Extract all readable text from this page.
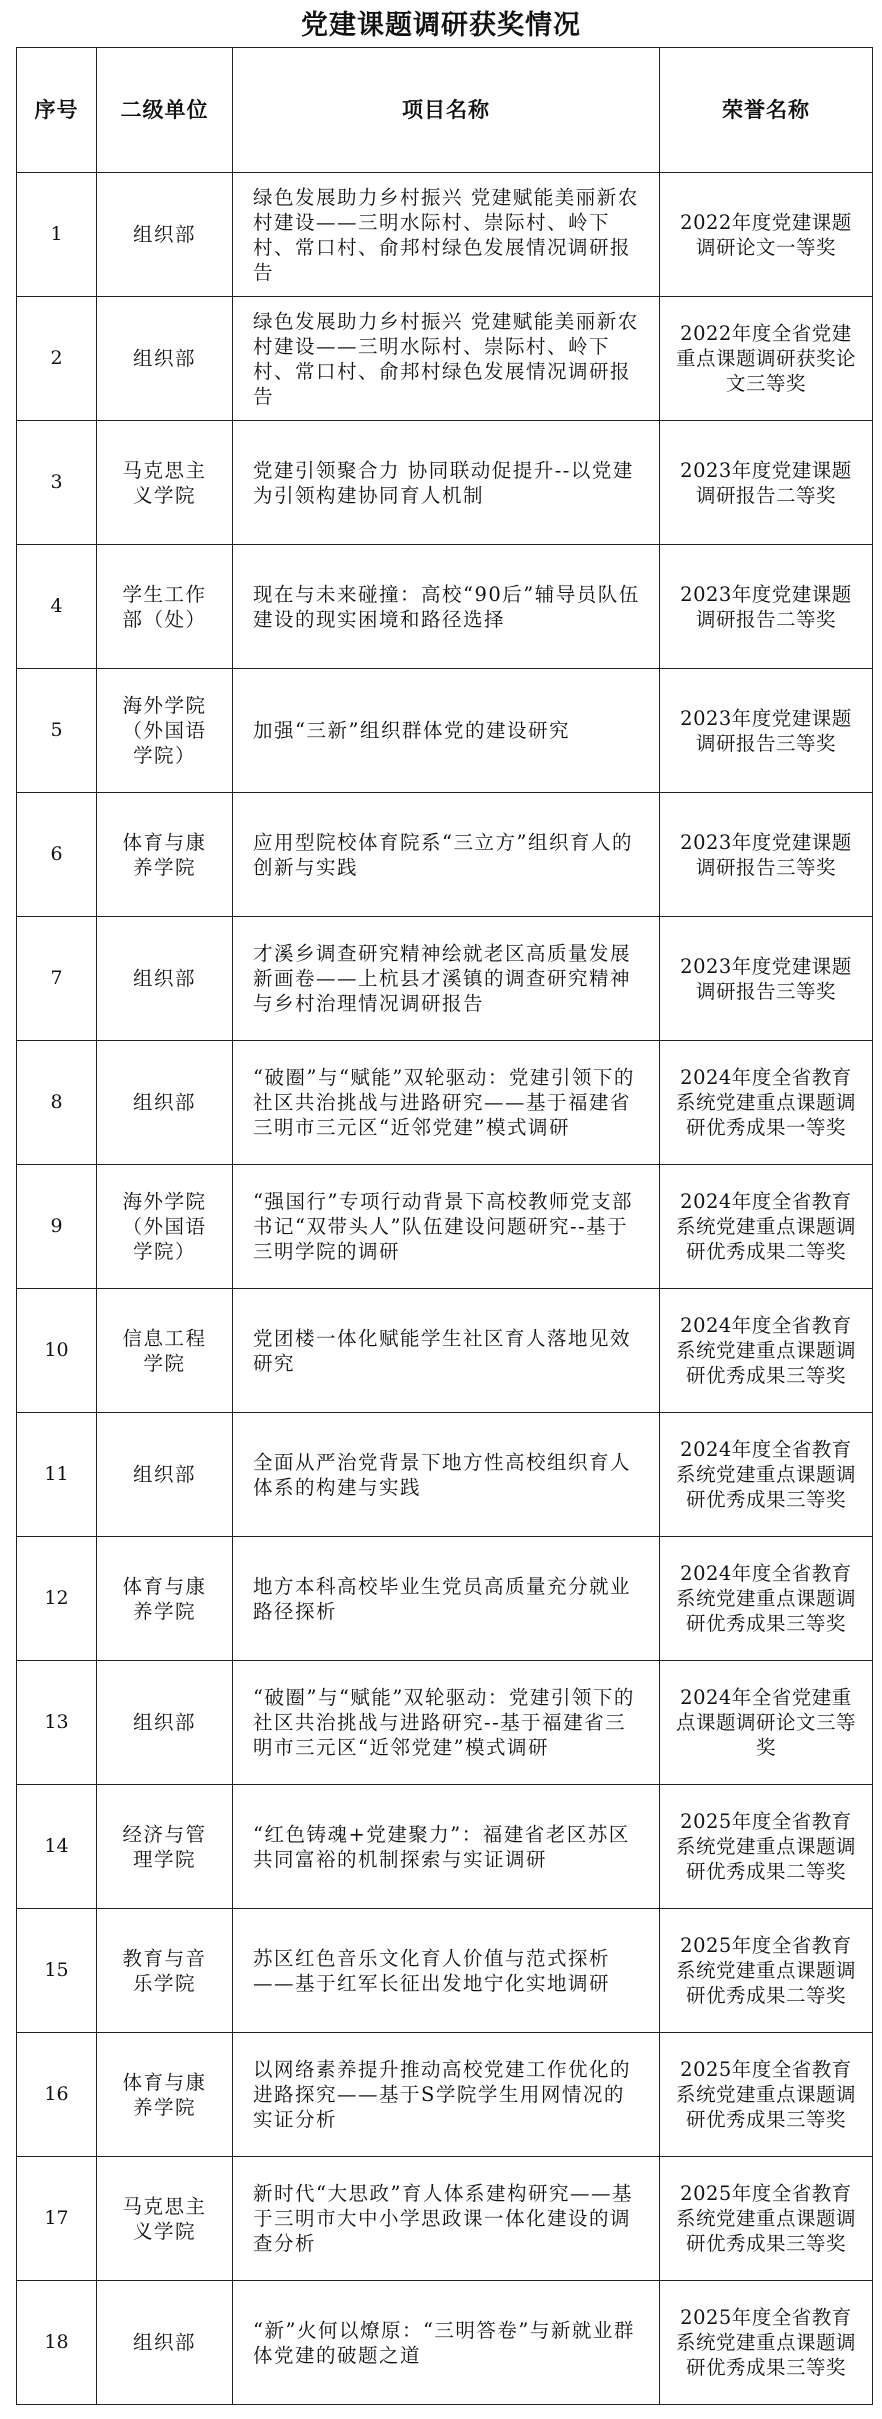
党建课题调研获奖情况
序号	二级单位	项目名称	荣誉名称
1	组织部	绿色发展助力乡村振兴 党建赋能美丽新农村建设——三明水际村、崇际村、岭下村、常口村、俞邦村绿色发展情况调研报告	2022年度党建课题调研论文一等奖
2	组织部	绿色发展助力乡村振兴 党建赋能美丽新农村建设——三明水际村、崇际村、岭下村、常口村、俞邦村绿色发展情况调研报告	2022年度全省党建重点课题调研获奖论文三等奖
3	马克思主义学院	党建引领聚合力 协同联动促提升--以党建为引领构建协同育人机制	2023年度党建课题调研报告二等奖
4	学生工作部（处）	现在与未来碰撞：高校“90后”辅导员队伍建设的现实困境和路径选择	2023年度党建课题调研报告二等奖
5	海外学院（外国语学院）	加强“三新”组织群体党的建设研究	2023年度党建课题调研报告三等奖
6	体育与康养学院	应用型院校体育院系“三立方”组织育人的创新与实践	2023年度党建课题调研报告三等奖
7	组织部	才溪乡调查研究精神绘就老区高质量发展新画卷——上杭县才溪镇的调查研究精神与乡村治理情况调研报告	2023年度党建课题调研报告三等奖
8	组织部	“破圈”与“赋能”双轮驱动：党建引领下的社区共治挑战与进路研究——基于福建省三明市三元区“近邻党建”模式调研	2024年度全省教育系统党建重点课题调研优秀成果一等奖
9	海外学院（外国语学院）	“强国行”专项行动背景下高校教师党支部书记“双带头人”队伍建设问题研究--基于三明学院的调研	2024年度全省教育系统党建重点课题调研优秀成果二等奖
10	信息工程学院	党团楼一体化赋能学生社区育人落地见效研究	2024年度全省教育系统党建重点课题调研优秀成果三等奖
11	组织部	全面从严治党背景下地方性高校组织育人体系的构建与实践	2024年度全省教育系统党建重点课题调研优秀成果三等奖
12	体育与康养学院	地方本科高校毕业生党员高质量充分就业路径探析	2024年度全省教育系统党建重点课题调研优秀成果三等奖
13	组织部	“破圈”与“赋能”双轮驱动：党建引领下的社区共治挑战与进路研究--基于福建省三明市三元区“近邻党建”模式调研	2024年全省党建重点课题调研论文三等奖
14	经济与管理学院	“红色铸魂+党建聚力”：福建省老区苏区共同富裕的机制探索与实证调研	2025年度全省教育系统党建重点课题调研优秀成果二等奖
15	教育与音乐学院	苏区红色音乐文化育人价值与范式探析——基于红军长征出发地宁化实地调研	2025年度全省教育系统党建重点课题调研优秀成果二等奖
16	体育与康养学院	以网络素养提升推动高校党建工作优化的进路探究——基于S学院学生用网情况的实证分析	2025年度全省教育系统党建重点课题调研优秀成果三等奖
17	马克思主义学院	新时代“大思政”育人体系建构研究——基于三明市大中小学思政课一体化建设的调查分析	2025年度全省教育系统党建重点课题调研优秀成果三等奖
18	组织部	“新”火何以燎原：“三明答卷”与新就业群体党建的破题之道	2025年度全省教育系统党建重点课题调研优秀成果三等奖
